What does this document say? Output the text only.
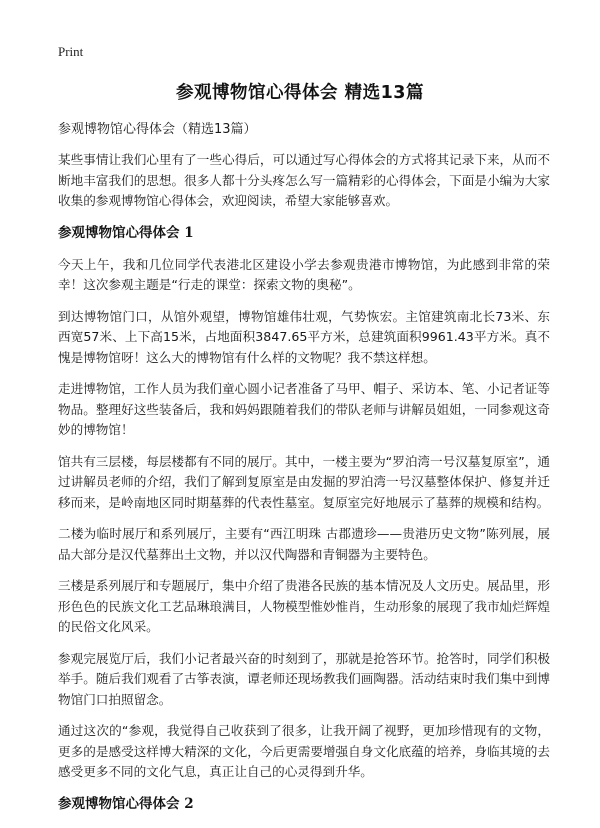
Print
参观博物馆心得体会 精选13篇

参观博物馆心得体会（精选13篇）

某些事情让我们心里有了一些心得后，可以通过写心得体会的方式将其记录下来，从而不断地丰富我们的思想。很多人都十分头疼怎么写一篇精彩的心得体会，下面是小编为大家收集的参观博物馆心得体会，欢迎阅读，希望大家能够喜欢。

参观博物馆心得体会 1

今天上午，我和几位同学代表港北区建设小学去参观贵港市博物馆，为此感到非常的荣幸！这次参观主题是“行走的课堂：探索文物的奥秘”。

到达博物馆门口，从馆外观望，博物馆雄伟壮观，气势恢宏。主馆建筑南北长73米、东西宽57米、上下高15米，占地面积3847.65平方米，总建筑面积9961.43平方米。真不愧是博物馆呀！这么大的博物馆有什么样的文物呢？我不禁这样想。

走进博物馆，工作人员为我们童心圆小记者准备了马甲、帽子、采访本、笔、小记者证等物品。整理好这些装备后，我和妈妈跟随着我们的带队老师与讲解员姐姐，一同参观这奇妙的博物馆！

馆共有三层楼，每层楼都有不同的展厅。其中，一楼主要为“罗泊湾一号汉墓复原室”，通过讲解员老师的介绍，我们了解到复原室是由发掘的罗泊湾一号汉墓整体保护、修复并迁移而来，是岭南地区同时期墓葬的代表性墓室。复原室完好地展示了墓葬的规模和结构。

二楼为临时展厅和系列展厅，主要有“西江明珠 古郡遗珍——贵港历史文物”陈列展，展品大部分是汉代墓葬出土文物，并以汉代陶器和青铜器为主要特色。

三楼是系列展厅和专题展厅，集中介绍了贵港各民族的基本情况及人文历史。展品里，形形色色的民族文化工艺品琳琅满目，人物模型惟妙惟肖，生动形象的展现了我市灿烂辉煌的民俗文化风采。

参观完展览厅后，我们小记者最兴奋的时刻到了，那就是抢答环节。抢答时，同学们积极举手。随后我们观看了古筝表演，谭老师还现场教我们画陶器。活动结束时我们集中到博物馆门口拍照留念。

通过这次的“参观，我觉得自己收获到了很多，让我开阔了视野，更加珍惜现有的文物，更多的是感受这样博大精深的文化，今后更需要增强自身文化底蕴的培养，身临其境的去感受更多不同的文化气息，真正让自己的心灵得到升华。

参观博物馆心得体会 2
